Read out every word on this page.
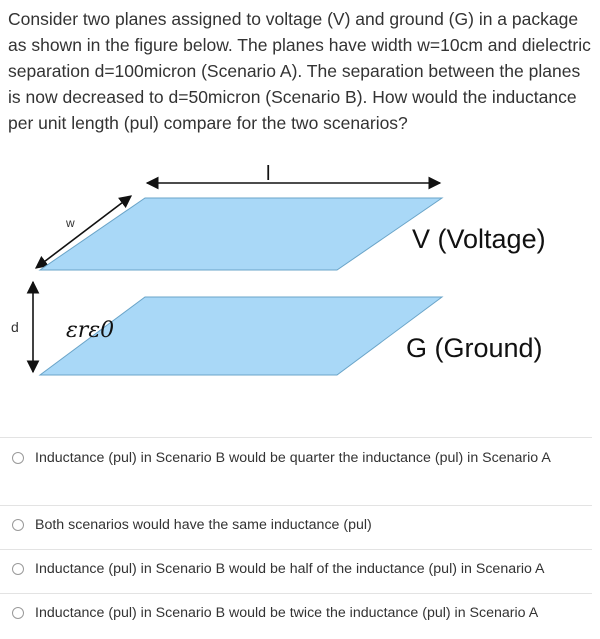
Consider two planes assigned to voltage (V) and ground (G) in a package as shown in the figure below. The planes have width w=10cm and dielectric separation d=100micron (Scenario A). The separation between the planes is now decreased to d=50micron (Scenario B). How would the inductance per unit length (pul) compare for the two scenarios?

l
w
V (Voltage)
d εrε0
G (Ground)
Inductance (pul) in Scenario B would be quarter the inductance (pul) in Scenario A
Both scenarios would have the same inductance (pul)
Inductance (pul) in Scenario B would be half of the inductance (pul) in Scenario A
Inductance (pul) in Scenario B would be twice the inductance (pul) in Scenario A
